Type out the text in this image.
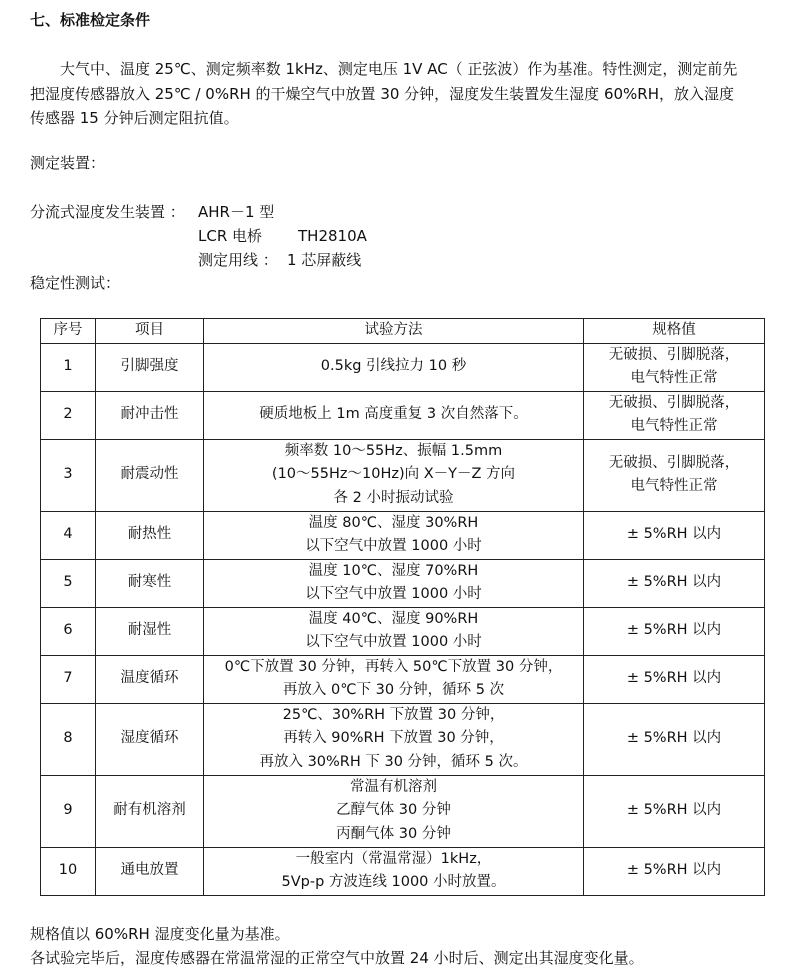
七、标准检定条件
大气中、温度 25℃、测定频率数 1kHz、测定电压 1V AC（ 正弦波）作为基准。特性测定，测定前先
把湿度传感器放入 25℃ / 0%RH 的干燥空气中放置 30 分钟，湿度发生装置发生湿度 60%RH，放入湿度
传感器 15 分钟后测定阻抗值。
测定装置：
分流式湿度发生装置 ： AHR－1 型
LCR 电桥 TH2810A
测定用线 ： 1 芯屏蔽线
稳定性测试：
序号	项目	试验方法	规格值
1	引脚强度	0.5kg 引线拉力 10 秒	无破损、引脚脱落，
电气特性正常

2	耐冲击性	硬质地板上 1m 高度重复 3 次自然落下。	无破损、引脚脱落，
电气特性正常

3	耐震动性	频率数 10～55Hz、振幅 1.5mm
(10～55Hz～10Hz)向 X－Y－Z 方向
各 2 小时振动试验	无破损、引脚脱落，
电气特性正常

4	耐热性	温度 80℃、湿度 30%RH
以下空气中放置 1000 小时	± 5%RH 以内

5	耐寒性	温度 10℃、湿度 70%RH
以下空气中放置 1000 小时	± 5%RH 以内

6	耐湿性	温度 40℃、湿度 90%RH
以下空气中放置 1000 小时	± 5%RH 以内

7	温度循环	0℃下放置 30 分钟，再转入 50℃下放置 30 分钟，
再放入 0℃下 30 分钟，循环 5 次	± 5%RH 以内

8	湿度循环	25℃、30%RH 下放置 30 分钟，
再转入 90%RH 下放置 30 分钟，
再放入 30%RH 下 30 分钟，循环 5 次。	± 5%RH 以内

9	耐有机溶剂	常温有机溶剂
乙醇气体 30 分钟
丙酮气体 30 分钟	± 5%RH 以内

10	通电放置	一般室内（常温常湿）1kHz，
5Vp-p 方波连线 1000 小时放置。	± 5%RH 以内
规格值以 60%RH 湿度变化量为基准。
各试验完毕后，湿度传感器在常温常湿的正常空气中放置 24 小时后、测定出其湿度变化量。
